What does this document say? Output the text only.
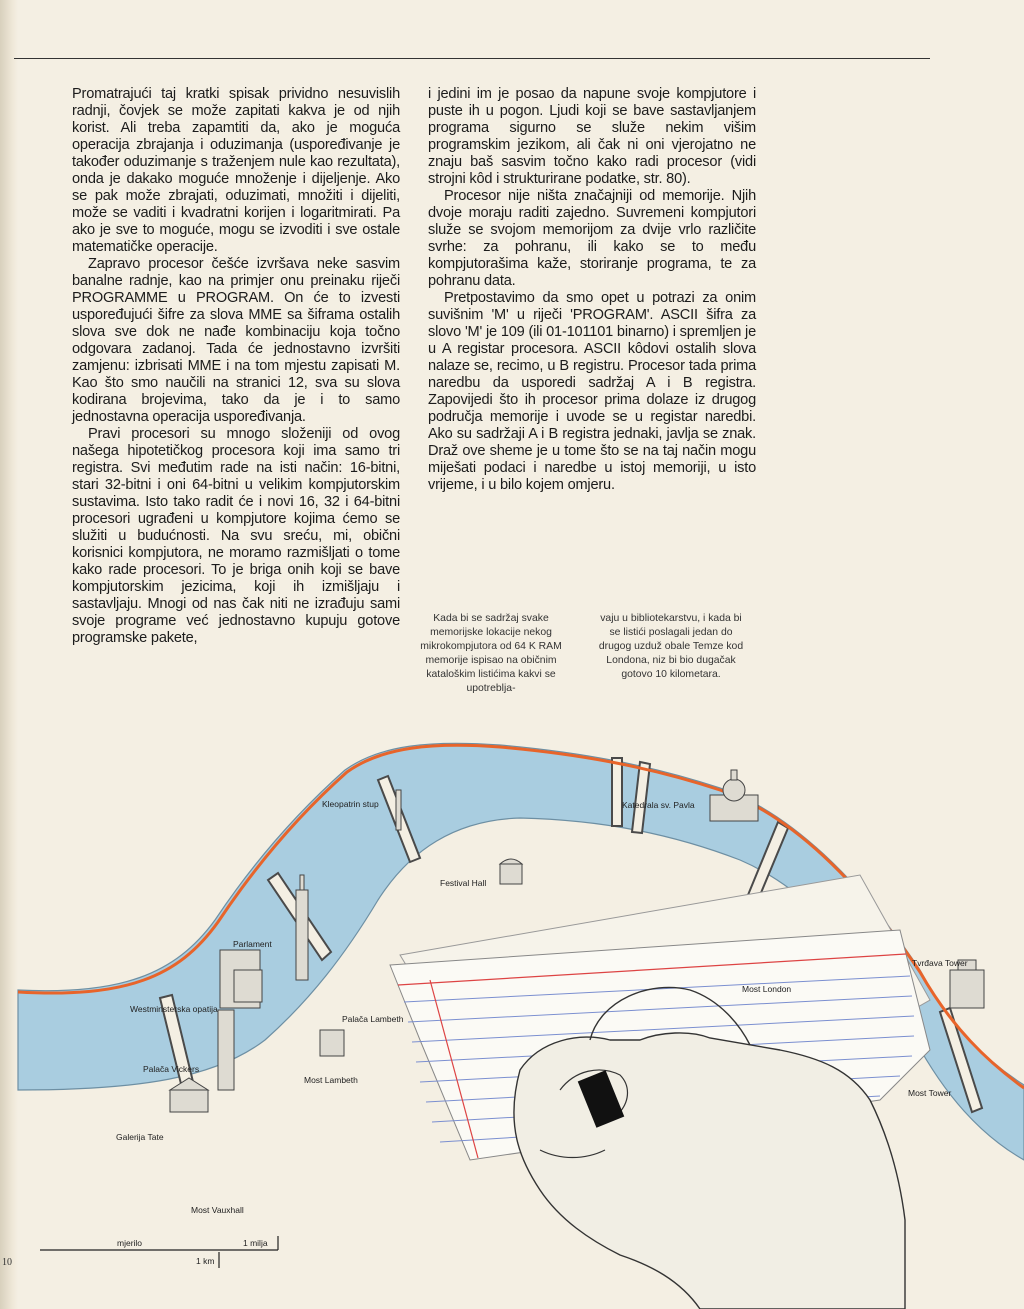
Promatrajući taj kratki spisak prividno nesuvislih radnji, čovjek se može zapitati kakva je od njih korist. Ali treba zapamtiti da, ako je moguća operacija zbrajanja i oduzimanja (uspoređivanje je također oduzimanje s traženjem nule kao rezultata), onda je dakako moguće množenje i dijeljenje. Ako se pak može zbrajati, oduzimati, množiti i dijeliti, može se vaditi i kvadratni korijen i logaritmirati. Pa ako je sve to moguće, mogu se izvoditi i sve ostale matematičke operacije.

Zapravo procesor češće izvršava neke sasvim banalne radnje, kao na primjer onu preinaku riječi PROGRAMME u PROGRAM. On će to izvesti uspoređujući šifre za slova MME sa šiframa ostalih slova sve dok ne nađe kombinaciju koja točno odgovara zadanoj. Tada će jednostavno izvršiti zamjenu: izbrisati MME i na tom mjestu zapisati M. Kao što smo naučili na stranici 12, sva su slova kodirana brojevima, tako da je i to samo jednostavna operacija uspoređivanja.

Pravi procesori su mnogo složeniji od ovog našega hipotetičkog procesora koji ima samo tri registra. Svi međutim rade na isti način: 16-bitni, stari 32-bitni i oni 64-bitni u velikim kompjutorskim sustavima. Isto tako radit će i novi 16, 32 i 64-bitni procesori ugrađeni u kompjutore kojima ćemo se služiti u budućnosti. Na svu sreću, mi, obični korisnici kompjutora, ne moramo razmišljati o tome kako rade procesori. To je briga onih koji se bave kompjutorskim jezicima, koji ih izmišljaju i sastavljaju. Mnogi od nas čak niti ne izrađuju sami svoje programe već jednostavno kupuju gotove programske pakete,

i jedini im je posao da napune svoje kompjutore i puste ih u pogon. Ljudi koji se bave sastavljanjem programa sigurno se služe nekim višim programskim jezikom, ali čak ni oni vjerojatno ne znaju baš sasvim točno kako radi procesor (vidi strojni kôd i strukturirane podatke, str. 80).

Procesor nije ništa značajniji od memorije. Njih dvoje moraju raditi zajedno. Suvremeni kompjutori služe se svojom memorijom za dvije vrlo različite svrhe: za pohranu, ili kako se to među kompjutorašima kaže, storiranje programa, te za pohranu data.

Pretpostavimo da smo opet u potrazi za onim suvišnim 'M' u riječi 'PROGRAM'. ASCII šifra za slovo 'M' je 109 (ili 01-101101 binarno) i spremljen je u A registar procesora. ASCII kôdovi ostalih slova nalaze se, recimo, u B registru. Procesor tada prima naredbu da usporedi sadržaj A i B registra. Zapovijedi što ih procesor prima dolaze iz drugog područja memorije i uvode se u registar naredbi. Ako su sadržaji A i B registra jednaki, javlja se znak. Draž ove sheme je u tome što se na taj način mogu miješati podaci i naredbe u istoj memoriji, u isto vrijeme, i u bilo kojem omjeru.

Kada bi se sadržaj svake memorijske lokacije nekog mikrokompjutora od 64 K RAM memorije ispisao na običnim kataloškim listićima kakvi se upotreblja-
vaju u bibliotekarstvu, i kada bi se listići poslagali jedan do drugog uzduž obale Temze kod Londona, niz bi bio dugačak gotovo 10 kilometara.
Kleopatrin stup	Katedrala sv. Pavla
Festival Hall
Parlament
Westminsterska opatija
Palača Lambeth
Palača Vickers
Most Lambeth
Galerija Tate
Most Vauxhall
Tvrđava Tower
Most London
Most Tower
mjerilo	1 milja
1 km
10
